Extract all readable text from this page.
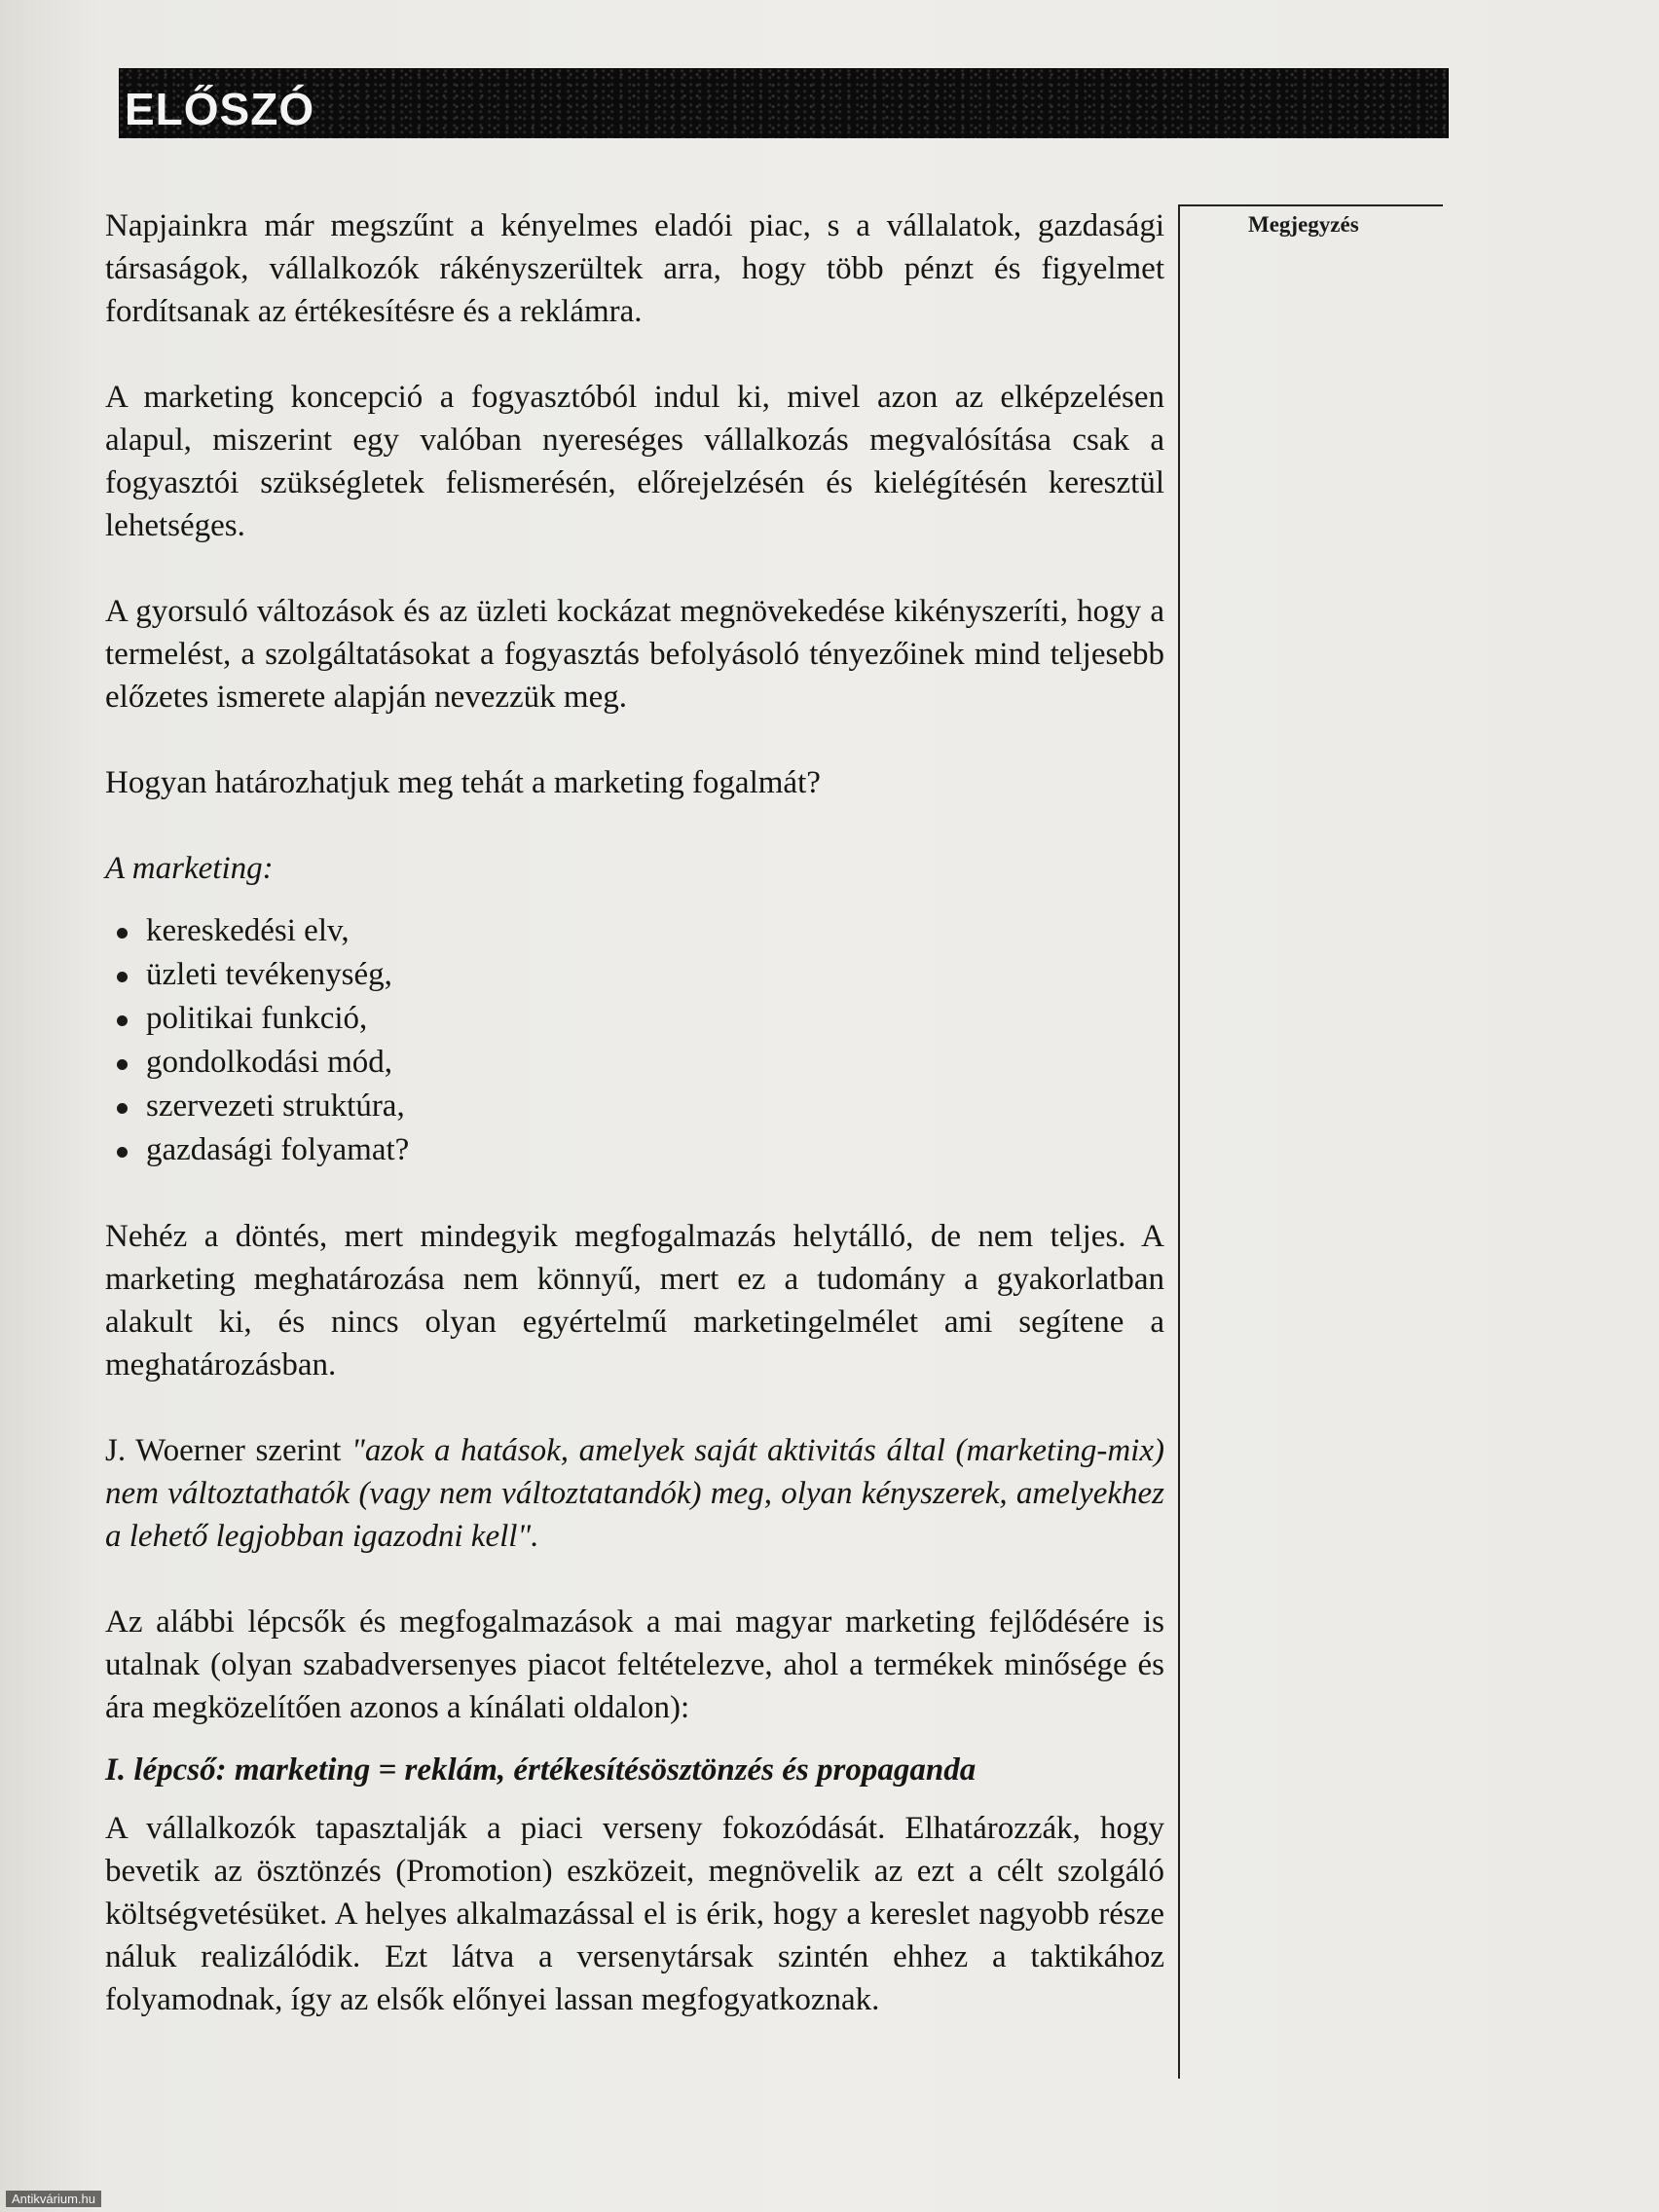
ELŐSZÓ
Megjegyzés

Napjainkra már megszűnt a kényelmes eladói piac, s a vállalatok, gazdasági társaságok, vállalkozók rákényszerültek arra, hogy több pénzt és figyelmet fordítsanak az értékesítésre és a reklámra.

A marketing koncepció a fogyasztóból indul ki, mivel azon az elképzelésen alapul, miszerint egy valóban nyereséges vállalkozás megvalósítása csak a fogyasztói szükségletek felismerésén, előrejelzésén és kielégítésén keresztül lehetséges.

A gyorsuló változások és az üzleti kockázat megnövekedése kikényszeríti, hogy a termelést, a szolgáltatásokat a fogyasztás befolyásoló tényezőinek mind teljesebb előzetes ismerete alapján nevezzük meg.

Hogyan határozhatjuk meg tehát a marketing fogalmát?

A marketing:

kereskedési elv,
üzleti tevékenység,
politikai funkció,
gondolkodási mód,
szervezeti struktúra,
gazdasági folyamat?

Nehéz a döntés, mert mindegyik megfogalmazás helytálló, de nem teljes. A marketing meghatározása nem könnyű, mert ez a tudomány a gyakorlatban alakult ki, és nincs olyan egyértelmű marketingelmélet ami segítene a meghatározásban.

J. Woerner szerint "azok a hatások, amelyek saját aktivitás által (marketing-mix) nem változtathatók (vagy nem változtatandók) meg, olyan kényszerek, amelyekhez a lehető legjobban igazodni kell".

Az alábbi lépcsők és megfogalmazások a mai magyar marketing fejlődésére is utalnak (olyan szabadversenyes piacot feltételezve, ahol a termékek minősége és ára megközelítően azonos a kínálati oldalon):

I. lépcső: marketing = reklám, értékesítésösztönzés és propaganda

A vállalkozók tapasztalják a piaci verseny fokozódását. Elhatározzák, hogy bevetik az ösztönzés (Promotion) eszközeit, megnövelik az ezt a célt szolgáló költségvetésüket. A helyes alkalmazással el is érik, hogy a kereslet nagyobb része náluk realizálódik. Ezt látva a versenytársak szintén ehhez a taktikához folyamodnak, így az elsők előnyei lassan megfogyatkoznak.

Antikvárium.hu
